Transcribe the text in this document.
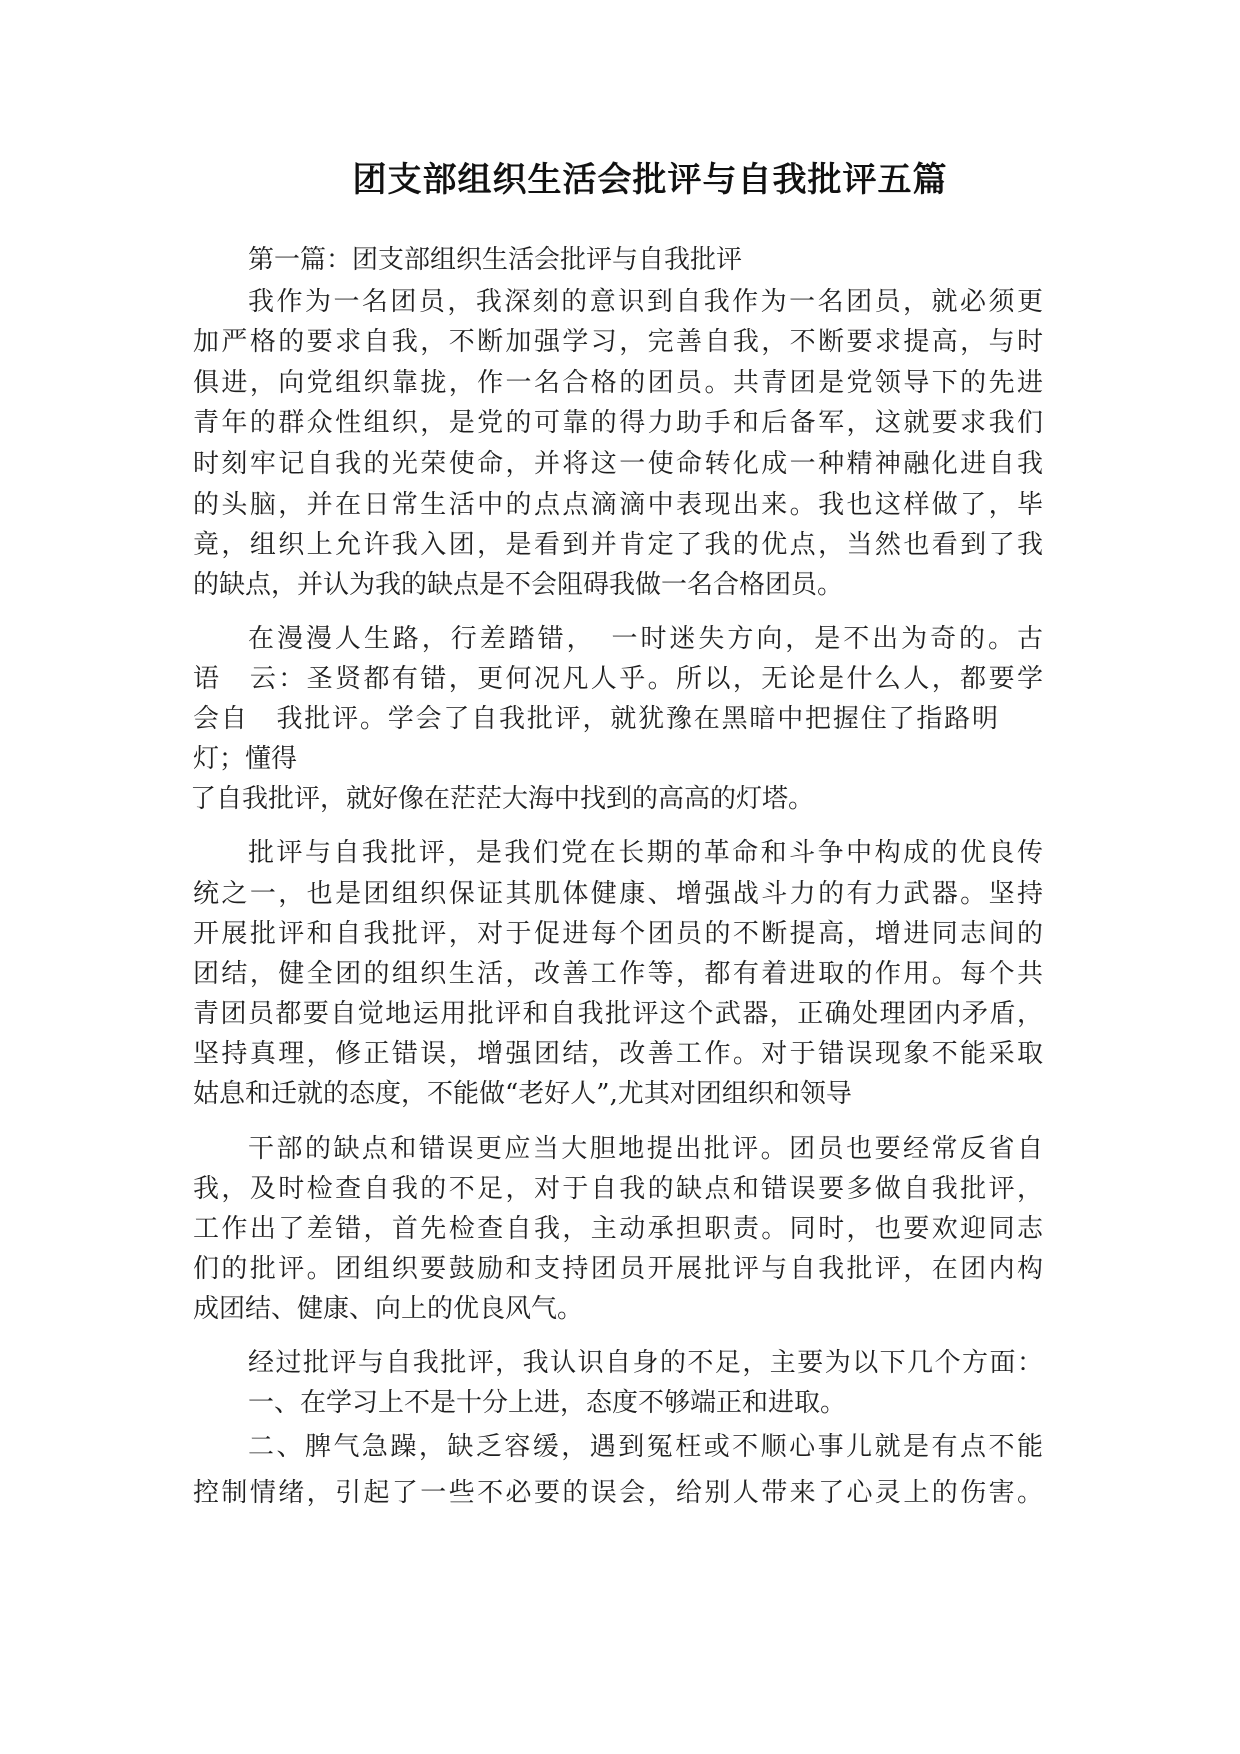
团支部组织生活会批评与自我批评五篇
第一篇：团支部组织生活会批评与自我批评
我作为一名团员，我深刻的意识到自我作为一名团员，就必须更
加严格的要求自我，不断加强学习，完善自我，不断要求提高，与时
俱进，向党组织靠拢，作一名合格的团员。共青团是党领导下的先进
青年的群众性组织，是党的可靠的得力助手和后备军，这就要求我们
时刻牢记自我的光荣使命，并将这一使命转化成一种精神融化进自我
的头脑，并在日常生活中的点点滴滴中表现出来。我也这样做了，毕
竟，组织上允许我入团，是看到并肯定了我的优点，当然也看到了我
的缺点，并认为我的缺点是不会阻碍我做一名合格团员。
在漫漫人生路，行差踏错，　一时迷失方向，是不出为奇的。古
语　云：圣贤都有错，更何况凡人乎。所以，无论是什么人，都要学
会自　我批评。学会了自我批评，就犹豫在黑暗中把握住了指路明
灯；懂得
了自我批评，就好像在茫茫大海中找到的高高的灯塔。
批评与自我批评，是我们党在长期的革命和斗争中构成的优良传
统之一，也是团组织保证其肌体健康、增强战斗力的有力武器。坚持
开展批评和自我批评，对于促进每个团员的不断提高，增进同志间的
团结，健全团的组织生活，改善工作等，都有着进取的作用。每个共
青团员都要自觉地运用批评和自我批评这个武器，正确处理团内矛盾，
坚持真理，修正错误，增强团结，改善工作。对于错误现象不能采取
姑息和迁就的态度，不能做“老好人”,尤其对团组织和领导
干部的缺点和错误更应当大胆地提出批评。团员也要经常反省自
我，及时检查自我的不足，对于自我的缺点和错误要多做自我批评，
工作出了差错，首先检查自我，主动承担职责。同时，也要欢迎同志
们的批评。团组织要鼓励和支持团员开展批评与自我批评，在团内构
成团结、健康、向上的优良风气。
经过批评与自我批评，我认识自身的不足，主要为以下几个方面：
一、在学习上不是十分上进，态度不够端正和进取。
二、脾气急躁，缺乏容缓，遇到冤枉或不顺心事儿就是有点不能
控制情绪，引起了一些不必要的误会，给别人带来了心灵上的伤害。
